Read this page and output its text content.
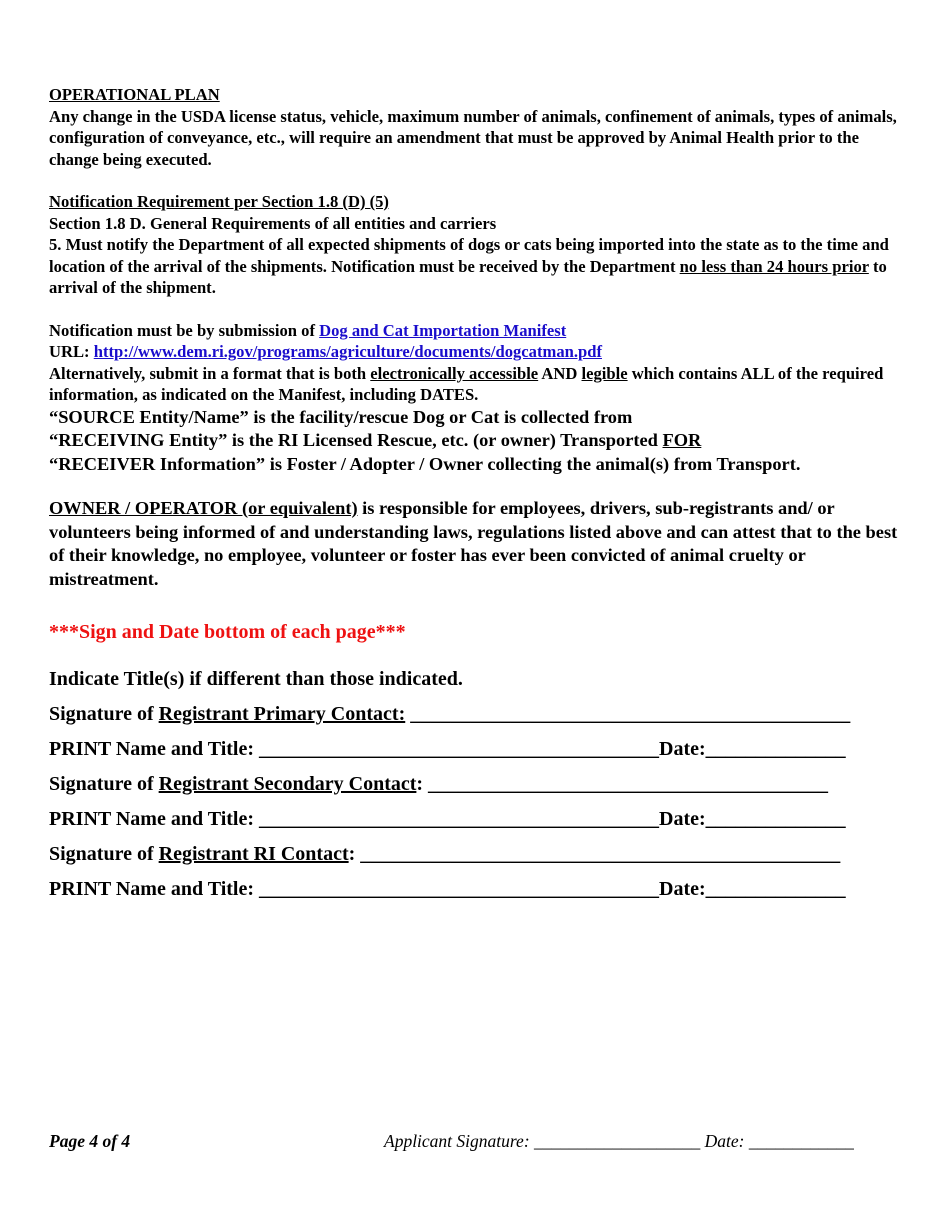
OPERATIONAL PLAN

Any change in the USDA license status, vehicle, maximum number of animals, confinement of animals, types of animals, configuration of conveyance, etc., will require an amendment that must be approved by Animal Health prior to the change being executed.

Notification Requirement per Section 1.8 (D) (5)

Section 1.8 D. General Requirements of all entities and carriers

5. Must notify the Department of all expected shipments of dogs or cats being imported into the state as to the time and location of the arrival of the shipments. Notification must be received by the Department no less than 24 hours prior to arrival of the shipment.

Notification must be by submission of Dog and Cat Importation Manifest

URL: http://www.dem.ri.gov/programs/agriculture/documents/dogcatman.pdf

Alternatively, submit in a format that is both electronically accessible AND legible which contains ALL of the required information, as indicated on the Manifest, including DATES.

“SOURCE Entity/Name” is the facility/rescue Dog or Cat is collected from

“RECEIVING Entity” is the RI Licensed Rescue, etc. (or owner) Transported FOR

“RECEIVER Information” is Foster / Adopter / Owner collecting the animal(s) from Transport.

OWNER / OPERATOR (or equivalent) is responsible for employees, drivers, sub-registrants and/ or volunteers being informed of and understanding laws, regulations listed above and can attest that to the best of their knowledge, no employee, volunteer or foster has ever been convicted of animal cruelty or mistreatment.

***Sign and Date bottom of each page***

Indicate Title(s) if different than those indicated.

Signature of Registrant Primary Contact: ____________________________________________

PRINT Name and Title: ________________________________________Date:______________

Signature of Registrant Secondary Contact: ________________________________________

PRINT Name and Title: ________________________________________Date:______________

Signature of Registrant RI Contact: ________________________________________________

PRINT Name and Title: ________________________________________Date:______________

Page 4 of 4	Applicant Signature: ___________________ Date: ____________
